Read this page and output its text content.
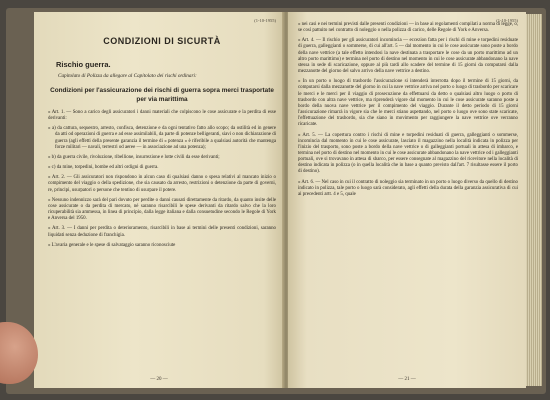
(1-10-1955)
CONDIZIONI DI SICURTÀ
Rischio guerra.
Capitolato di Polizza da allegare al Capitolato dei rischi ordinari:
Condizioni per l'assicurazione dei rischi di guerra sopra merci trasportate per via marittima
« Art. 1. — Sono a carico degli assicuratori i danni materiali che colpiscono le cose assicurate e la perdita di esse derivanti:
« a) da cattura, sequestro, arresto, confisca, detenzione e da ogni tentativo fatto allo scopo; da ostilità ed in genere da atti od operazioni di guerra e ad esse assimilabili, da parte di potenze belligeranti, siavi o non dichiarazione di guerra (agli effetti della presente garanzia il termine di « potenza » è riferibile a qualsiasi autorità che mantenga forze militari — navali, terrestri od aeree — in associazione ad una potenza);
« b) da guerra civile, rivoluzione, ribellione, insurrezione e lotte civili da esse derivanti;
« c) da mine, torpedini, bombe ed altri ordigni di guerra.
« Art. 2. — Gli assicuratori non rispondono in alcun caso di qualsiasi danno o spesa relativi al mancato inizio o compimento del viaggio o della spedizione, che sia causato da arresto, restrizioni o detenzione da parte di governi, re, principi, usurpatori o persone che tentino di usurpare il potere.
« Nessuno indennizzo sarà del pari dovuto per perdite o danni causati direttamente da ritardo, da quanto insite delle cose assicurate o da perdita di mercato, né saranno risarcibili le spese derivanti da ritardo salvo che la loro ricuperabilità sia ammessa, in linea di principio, dalla legge italiana e dalla consuetudine secondo le Regole di York e Anversa del 1950.
« Art. 3. — I danni per perdita o deterioramento, risarcibili in base ai termini delle presenti condizioni, saranno liquidati senza deduzione di franchigia.
« L'avaria generale e le spese di salvataggio saranno riconosciute
— 20 —
(1-10-1955)
« nei casi e nei termini previsti dalle presenti condizioni — in base ai regolamenti compilati a norma di legge, o, se così pattuito nel contratto di noleggio o nella polizza di carico, delle Regole di York e Anversa.
« Art. 4. — Il rischio per gli assicuratori incomincia — eccezion fatta per i rischi di mine e torpedini residuate di guerra, galleggianti o sommerse, di cui all'art. 5 — dal momento in cui le cose assicurate sono poste a bordo della nave vettrice (a tale effetto intendosi la nave destinata a trasportare le cose da un porto marittimo ad un altro porto marittimo) e termina nel porto di destino nel momento in cui le cose assicurate abbandonano la nave stessa in sede di scaricazione, oppure al più tardi allo scadere del termine di 15 giorni da computarsi dalla mezzanotte del giorno del salvo arrivo della nave vettrice a destino.
« In un porto o luogo di trasbordo l'assicurazione si intenderà interrotta dopo il termine di 15 giorni, da computarsi dalla mezzanotte del giorno in cui la nave vettrice arriva nel porto o luogo di trasbordo per scaricare le merci e le merci per il viaggio di prosecuzione da effettuarsi da detto o qualsiasi altro luogo o porto di trasbordo con altra nave vettrice, ma riprenderà vigore dal momento in cui le cose assicurate saranno poste a bordo della nuova nave vettrice per il compimento del viaggio. Durante il detto periodo di 15 giorni l'assicurazione rimarrà in vigore sia che le merci stiano aspettando, nel porto o luogo ove sono state scaricate, l'effettuazione del trasbordo, sia che siano in movimento per raggiungere la nave vettrice ove verranno ricaricate.
« Art. 5. — La copertura contro i rischi di mine e torpedini residuati di guerra, galleggianti o sommerse, incomincia dal momento in cui le cose assicurate, lasciato il magazzino nella località indicata in polizza per l'inizio del trasporto, sono poste a bordo della nave vettrice o di galleggianti portuali in attesa di imbarco, e termina nel porto di destino nel momento in cui le cose assicurate abbandonano la nave vettrice od i galleggianti portuali, ove si trovavano in attesa di sbarco, per essere consegnate al magazzino del ricevitore nella località di destino indicata in polizza (o in quella località che in base a quanto previsto dall'art. 7 risultasse essere il porto di destino).
« Art. 6. — Nel caso in cui il contratto di noleggio sia terminato in un porto o luogo diverso da quello di destino indicato in polizza, tale porto o luogo sarà considerato, agli effetti della durata della garanzia assicurativa di cui ai precedenti artt. 4 e 5, quale
— 21 —
